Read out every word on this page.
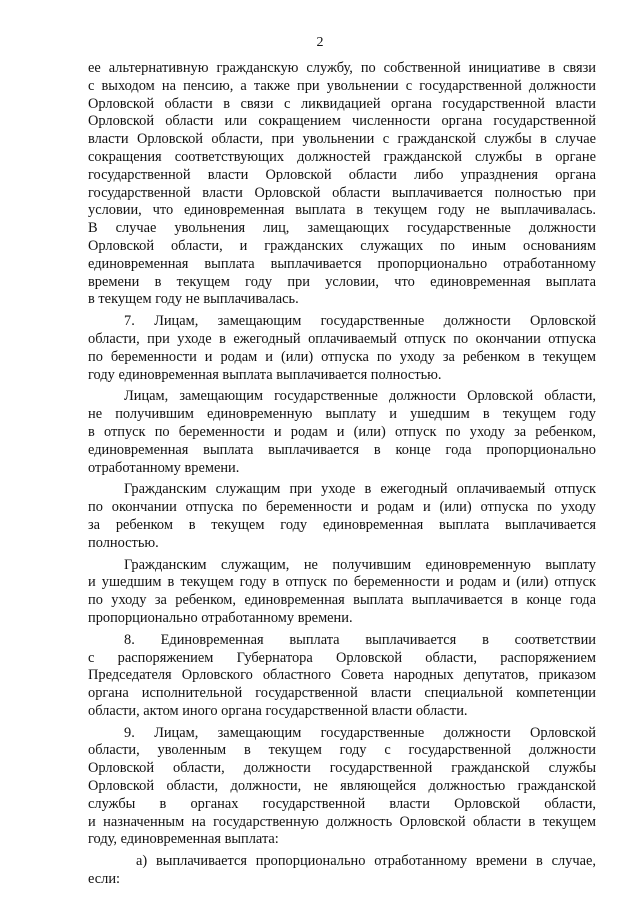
2
ее альтернативную гражданскую службу, по собственной инициативе в связи
с выходом на пенсию, а также при увольнении с государственной должности
Орловской области в связи с ликвидацией органа государственной власти
Орловской области или сокращением численности органа государственной
власти Орловской области, при увольнении с гражданской службы в случае
сокращения соответствующих должностей гражданской службы в органе
государственной власти Орловской области либо упразднения органа
государственной власти Орловской области выплачивается полностью при
условии, что единовременная выплата в текущем году не выплачивалась.
В случае увольнения лиц, замещающих государственные должности
Орловской области, и гражданских служащих по иным основаниям
единовременная выплата выплачивается пропорционально отработанному
времени в текущем году при условии, что единовременная выплата
в текущем году не выплачивалась.
7. Лицам, замещающим государственные должности Орловской
области, при уходе в ежегодный оплачиваемый отпуск по окончании отпуска
по беременности и родам и (или) отпуска по уходу за ребенком в текущем
году единовременная выплата выплачивается полностью.
Лицам, замещающим государственные должности Орловской области,
не получившим единовременную выплату и ушедшим в текущем году
в отпуск по беременности и родам и (или) отпуск по уходу за ребенком,
единовременная выплата выплачивается в конце года пропорционально
отработанному времени.
Гражданским служащим при уходе в ежегодный оплачиваемый отпуск
по окончании отпуска по беременности и родам и (или) отпуска по уходу
за ребенком в текущем году единовременная выплата выплачивается
полностью.
Гражданским служащим, не получившим единовременную выплату
и ушедшим в текущем году в отпуск по беременности и родам и (или) отпуск
по уходу за ребенком, единовременная выплата выплачивается в конце года
пропорционально отработанному времени.
8. Единовременная выплата выплачивается в соответствии
с распоряжением Губернатора Орловской области, распоряжением
Председателя Орловского областного Совета народных депутатов, приказом
органа исполнительной государственной власти специальной компетенции
области, актом иного органа государственной власти области.
9. Лицам, замещающим государственные должности Орловской
области, уволенным в текущем году с государственной должности
Орловской области, должности государственной гражданской службы
Орловской области, должности, не являющейся должностью гражданской
службы в органах государственной власти Орловской области,
и назначенным на государственную должность Орловской области в текущем
году, единовременная выплата:
а) выплачивается пропорционально отработанному времени в случае,
если:
